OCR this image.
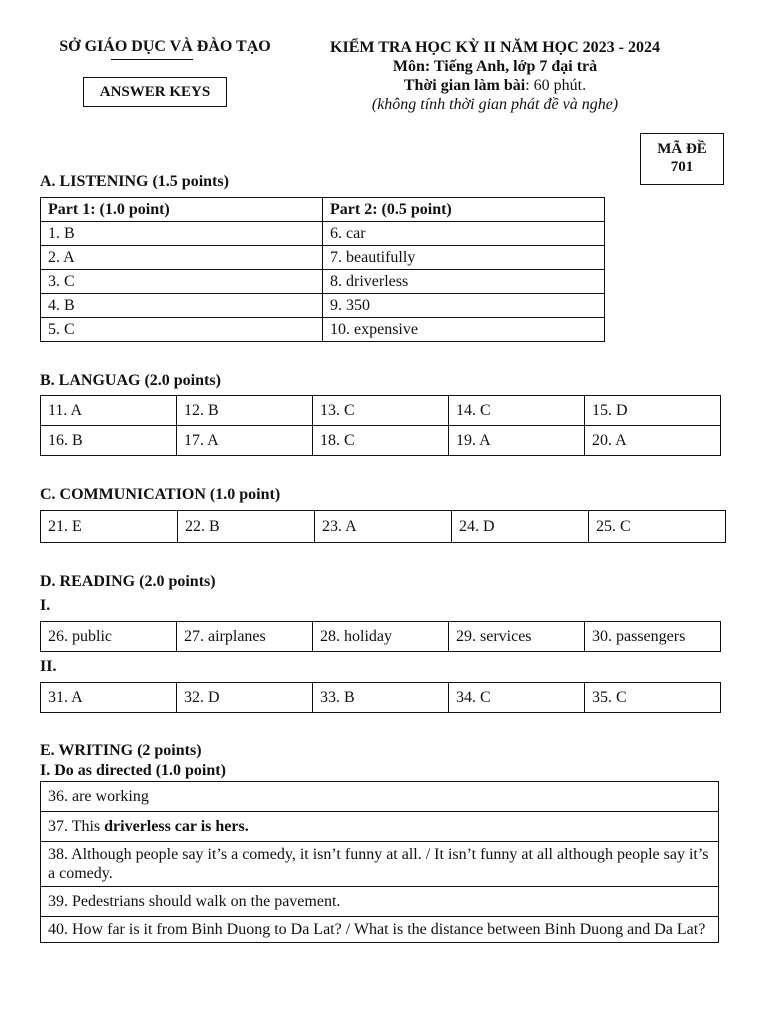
SỞ GIÁO DỤC VÀ ĐÀO TẠO
ANSWER KEYS
KIỂM TRA HỌC KỲ II NĂM HỌC 2023 - 2024
Môn: Tiếng Anh, lớp 7 đại trà
Thời gian làm bài: 60 phút.
(không tính thời gian phát đề và nghe)
MÃ ĐỀ
701
A. LISTENING (1.5 points)
Part 1: (1.0 point)	Part 2: (0.5 point)
1. B	6. car
2. A	7. beautifully
3. C	8. driverless
4. B	9. 350
5. C	10. expensive
B. LANGUAG (2.0 points)
11. A	12. B	13. C	14. C	15. D
16. B	17. A	18. C	19. A	20. A
C. COMMUNICATION (1.0 point)
21. E	22. B	23. A	24. D	25. C
D. READING (2.0 points)
I.
26. public	27. airplanes	28. holiday	29. services	30. passengers
II.
31. A	32. D	33. B	34. C	35. C
E. WRITING (2 points)
I. Do as directed (1.0 point)
36. are working
37. This driverless car is hers.
38. Although people say it’s a comedy, it isn’t funny at all. / It isn’t funny at all although people say it’s a comedy.
39. Pedestrians should walk on the pavement.
40. How far is it from Binh Duong to Da Lat? / What is the distance between Binh Duong and Da Lat?
